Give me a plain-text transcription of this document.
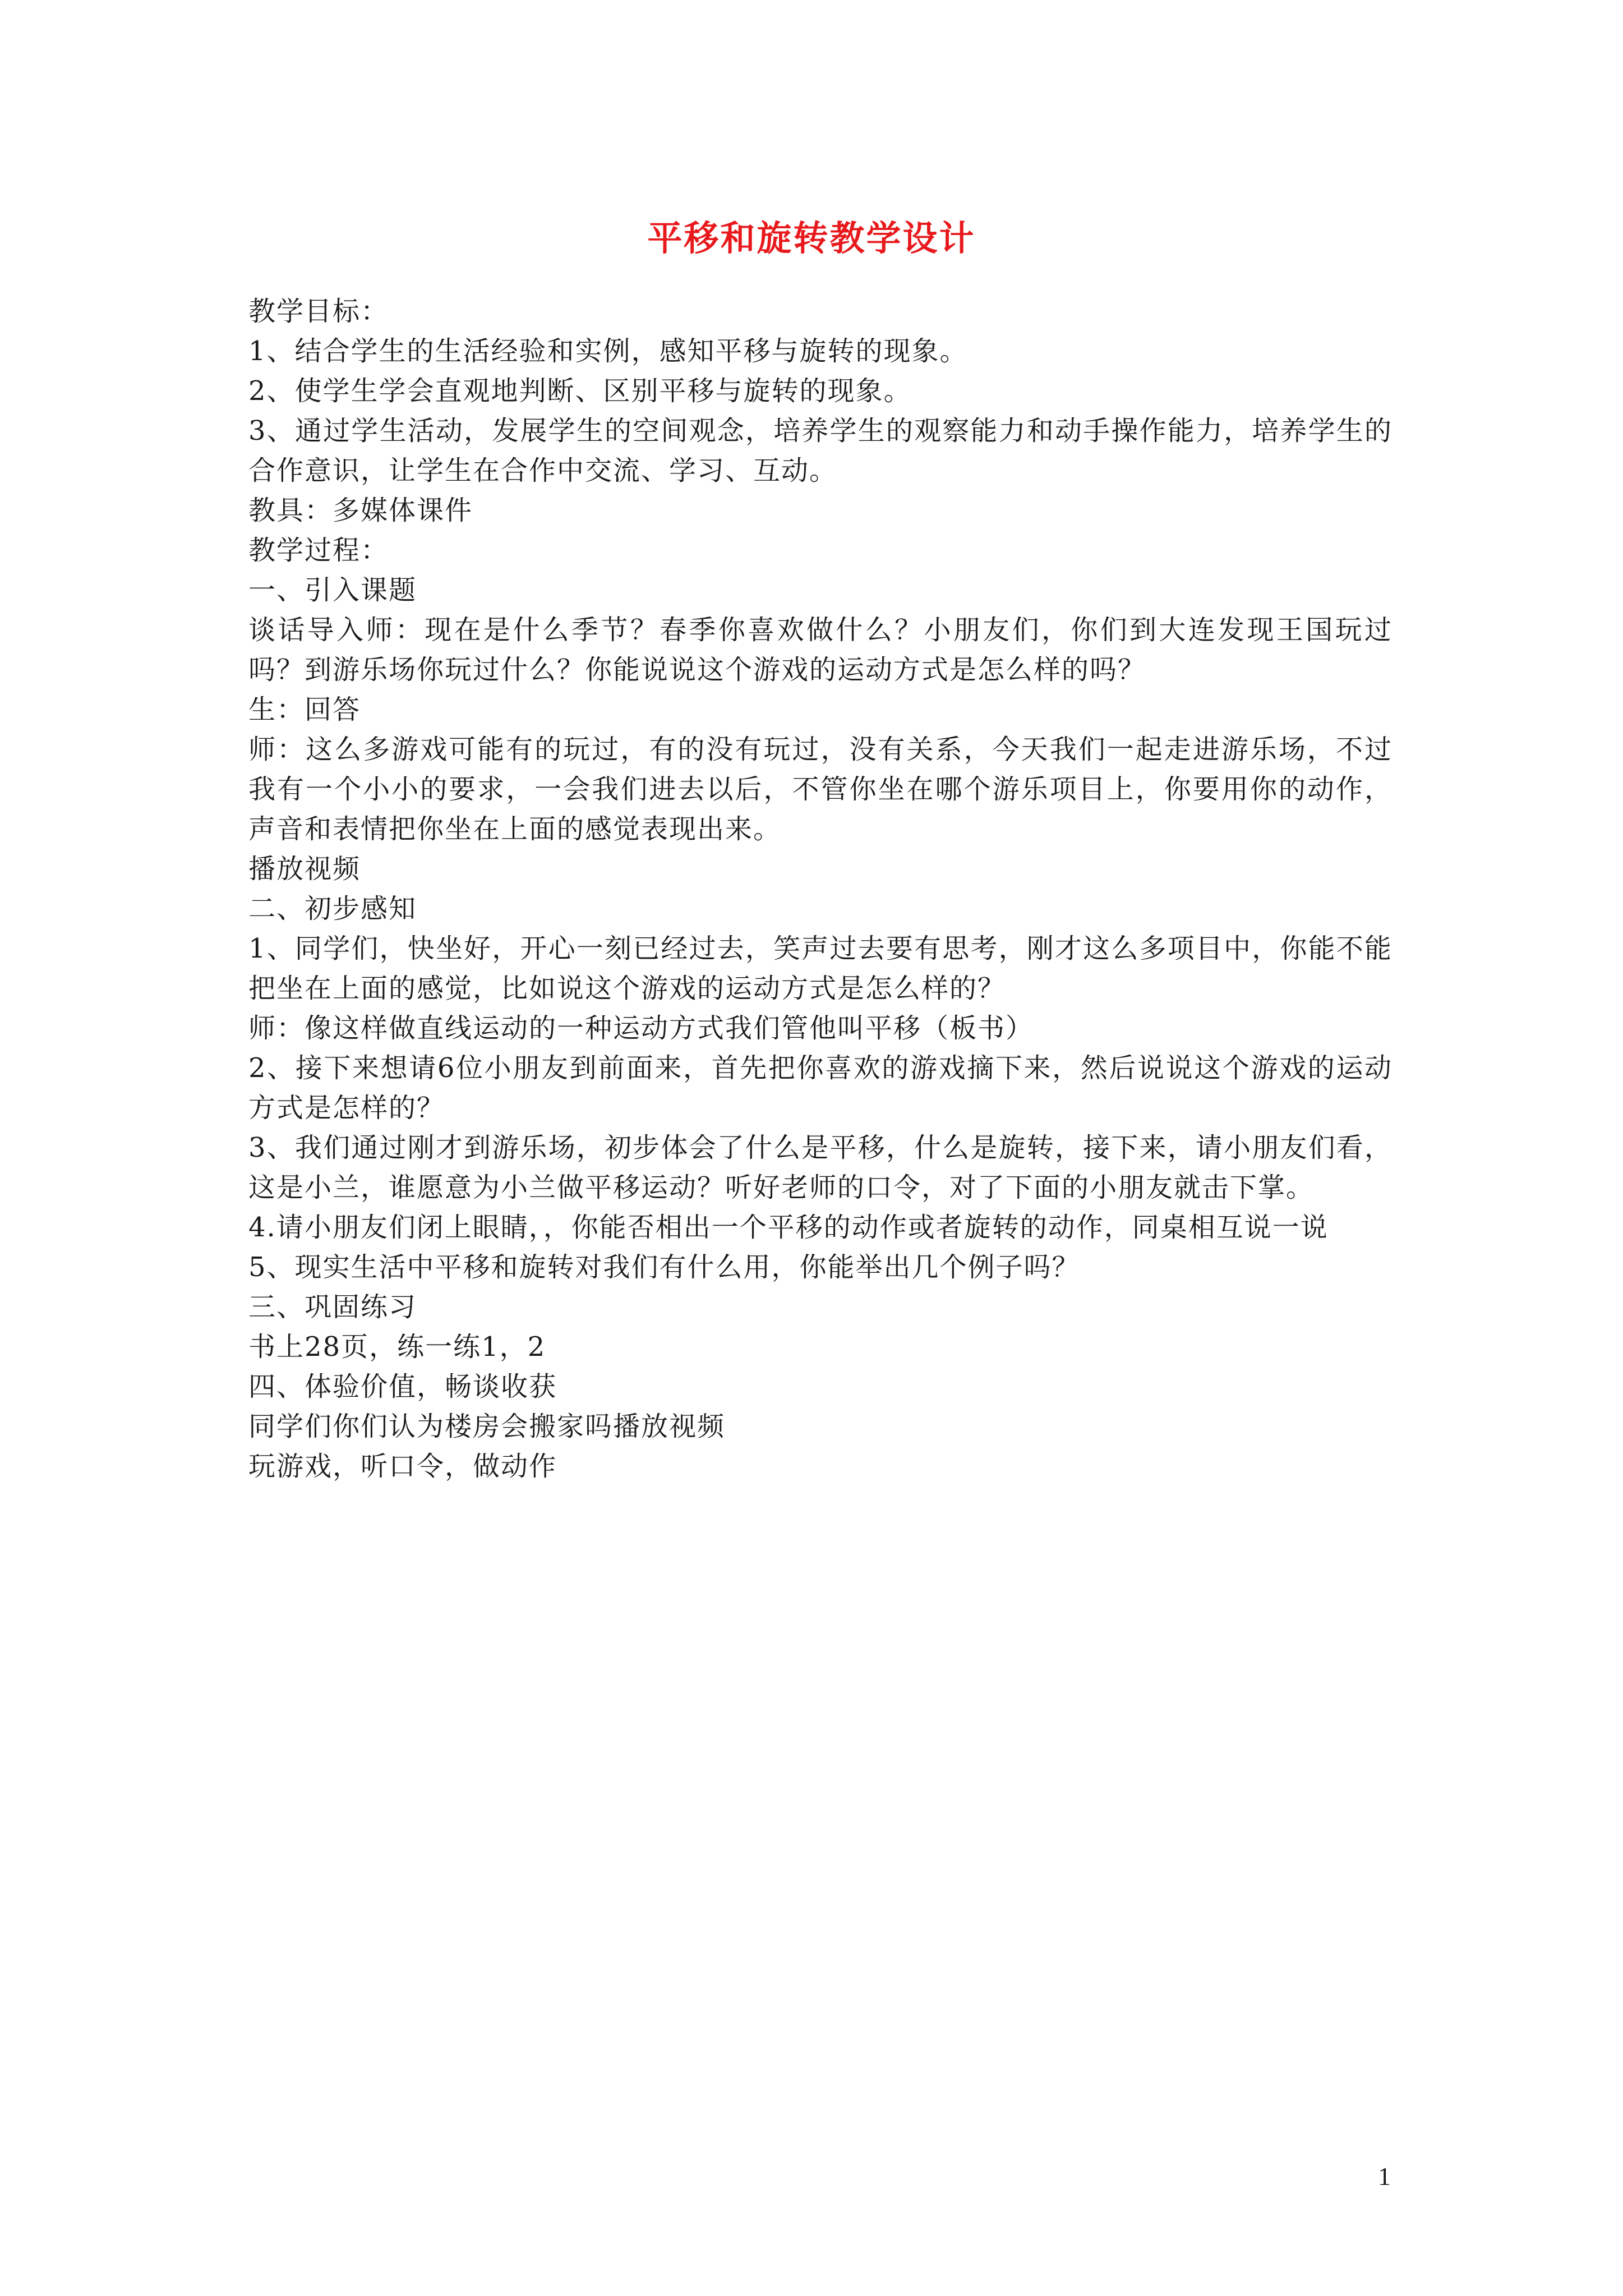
平移和旋转教学设计

教学目标：

1、结合学生的生活经验和实例，感知平移与旋转的现象。

2、使学生学会直观地判断、区别平移与旋转的现象。

3、通过学生活动，发展学生的空间观念，培养学生的观察能力和动手操作能力，培养学生的合作意识，让学生在合作中交流、学习、互动。

教具：多媒体课件

教学过程：

一、引入课题

谈话导入师：现在是什么季节？春季你喜欢做什么？小朋友们，你们到大连发现王国玩过吗？到游乐场你玩过什么？你能说说这个游戏的运动方式是怎么样的吗？

生：回答

师：这么多游戏可能有的玩过，有的没有玩过，没有关系，今天我们一起走进游乐场，不过我有一个小小的要求，一会我们进去以后，不管你坐在哪个游乐项目上，你要用你的动作，声音和表情把你坐在上面的感觉表现出来。

播放视频

二、初步感知

1、同学们，快坐好，开心一刻已经过去，笑声过去要有思考，刚才这么多项目中，你能不能把坐在上面的感觉，比如说这个游戏的运动方式是怎么样的？

师：像这样做直线运动的一种运动方式我们管他叫平移（板书）

2、接下来想请6位小朋友到前面来，首先把你喜欢的游戏摘下来，然后说说这个游戏的运动方式是怎样的？

3、我们通过刚才到游乐场，初步体会了什么是平移，什么是旋转，接下来，请小朋友们看，这是小兰，谁愿意为小兰做平移运动？听好老师的口令，对了下面的小朋友就击下掌。

4.请小朋友们闭上眼睛，，你能否相出一个平移的动作或者旋转的动作，同桌相互说一说

5、现实生活中平移和旋转对我们有什么用，你能举出几个例子吗？

三、巩固练习

书上28页，练一练1，2

四、体验价值，畅谈收获

同学们你们认为楼房会搬家吗播放视频

玩游戏，听口令，做动作

1
